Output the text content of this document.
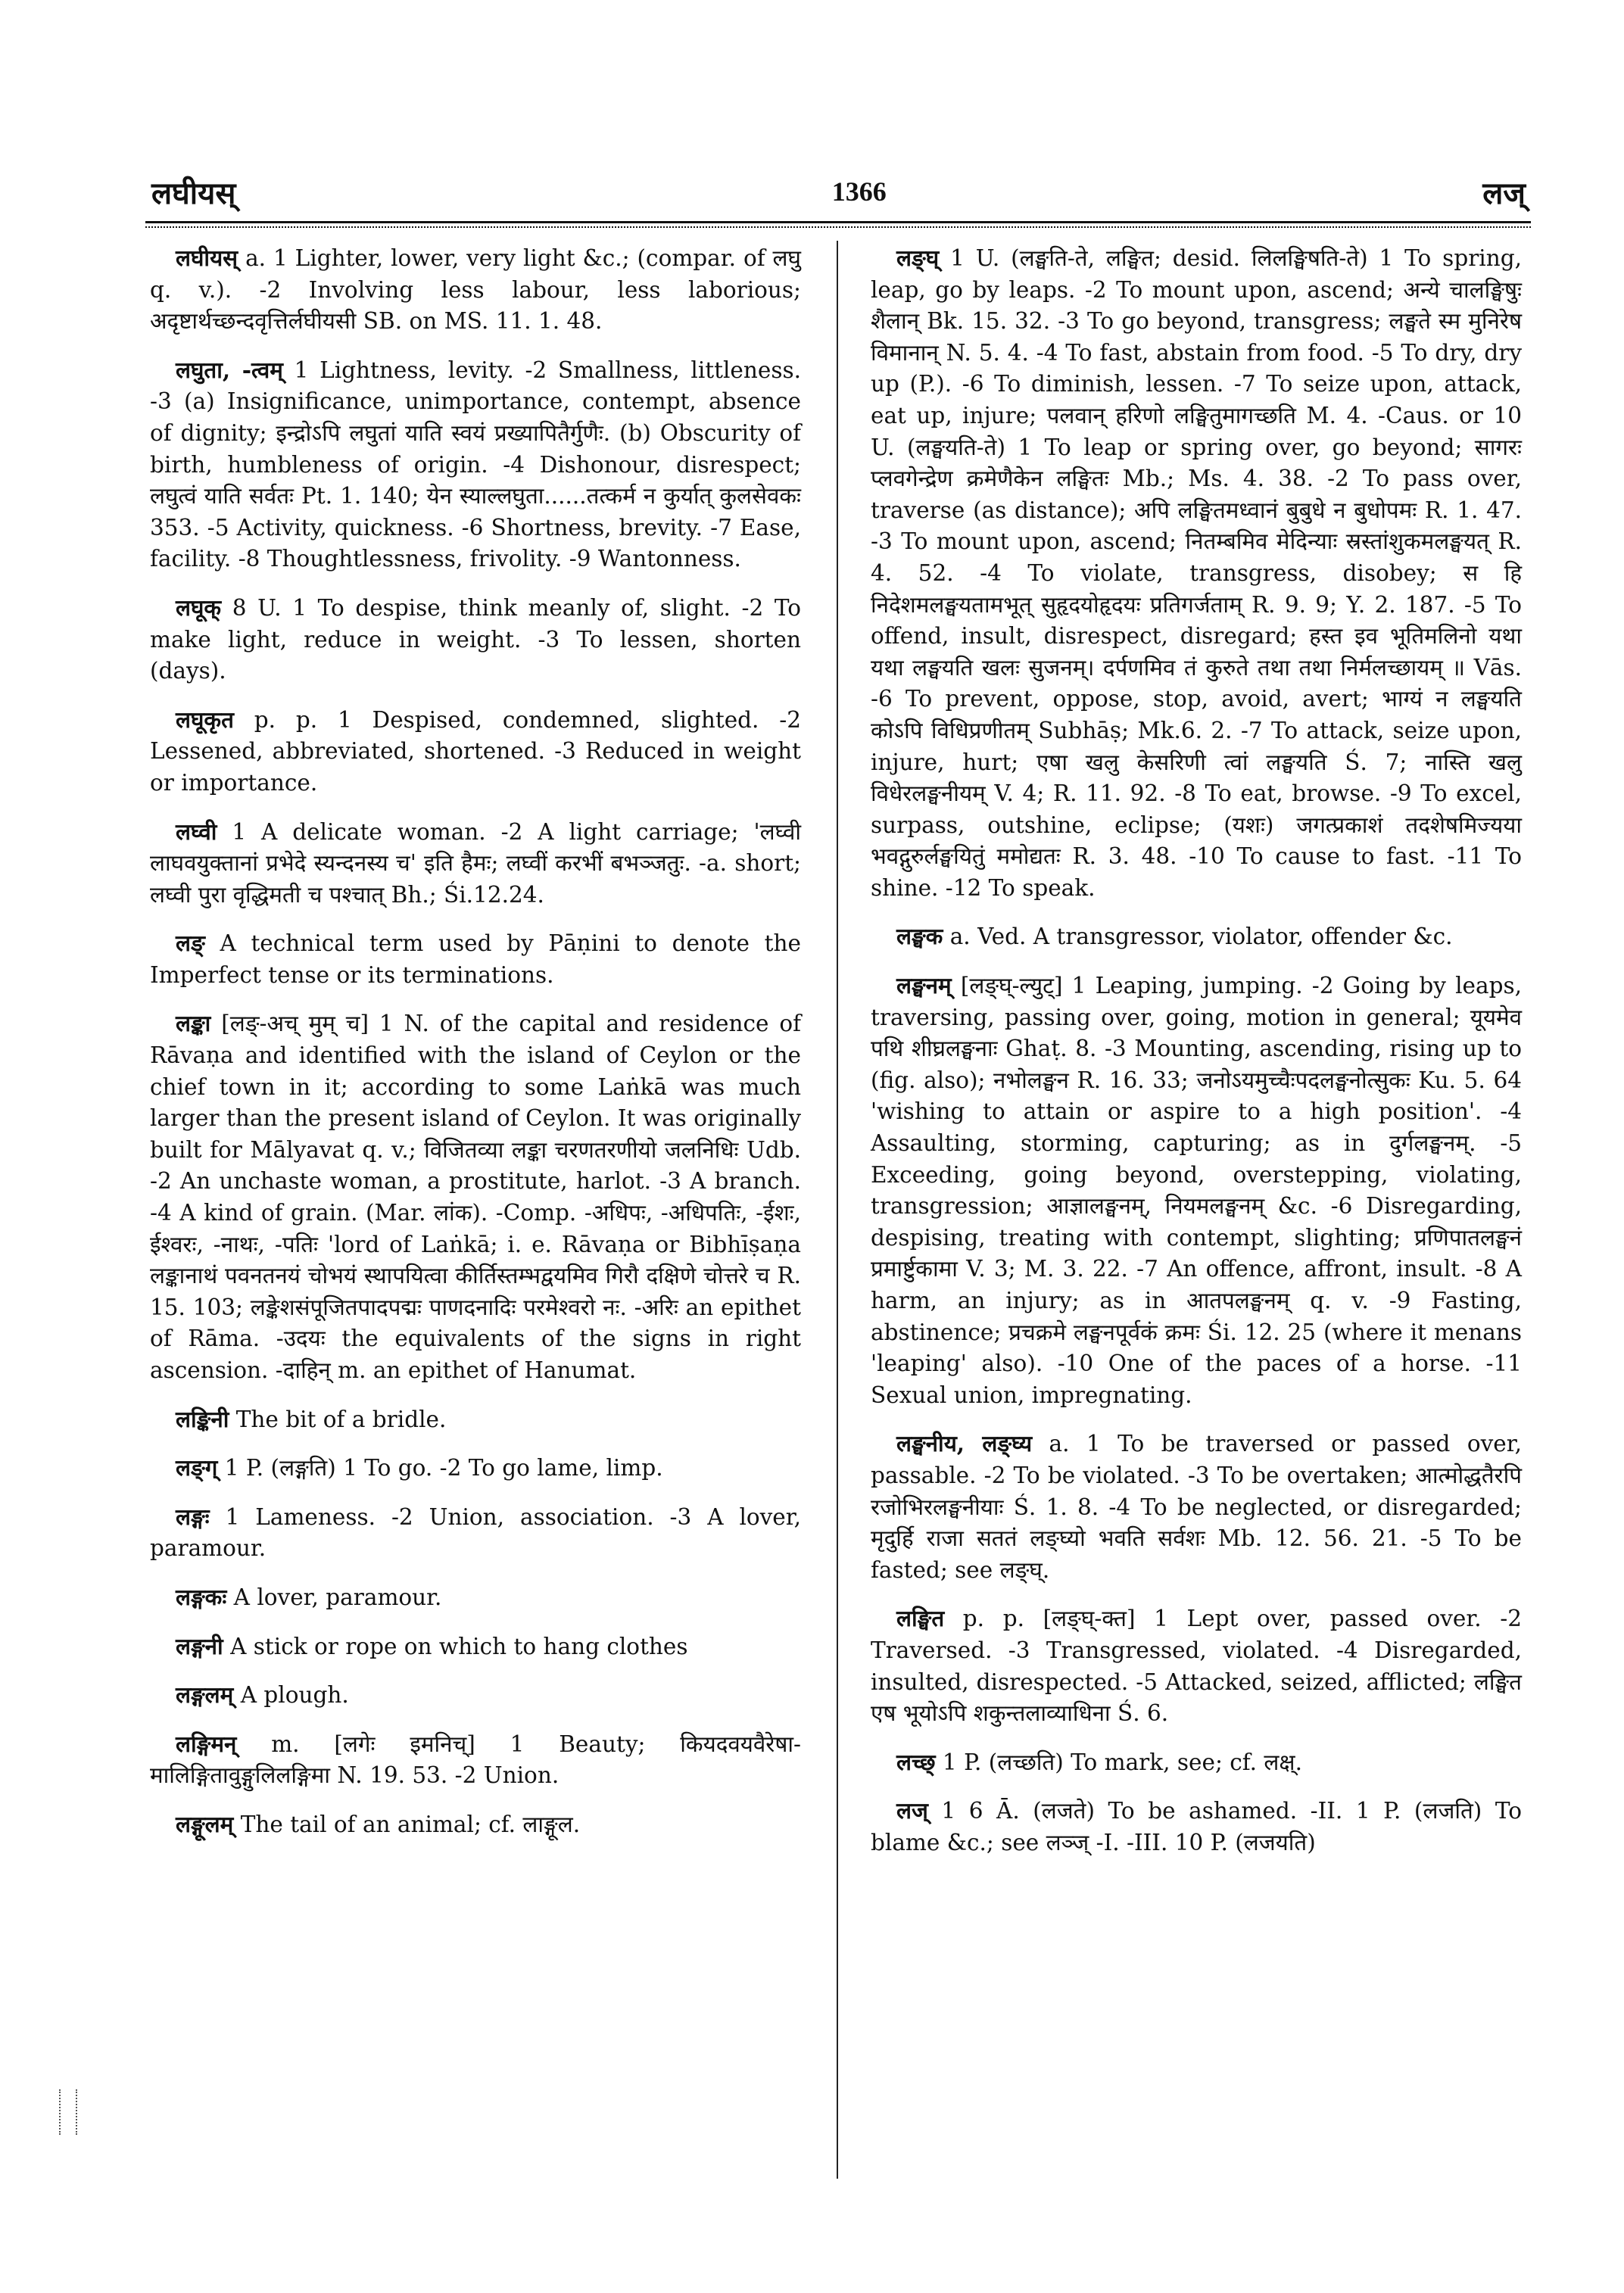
लघीयस्	1366	लज्

लघीयस् a. 1 Lighter, lower, very light &c.; (compar. of लघु q. v.). -2 Involving less labour, less laborious; अदृष्टार्थच्छन्दवृत्तिर्लघीयसी SB. on MS. 11. 1. 48.

लघुता, -त्वम् 1 Lightness, levity. -2 Smallness, littleness. -3 (a) Insignificance, unimportance, contempt, absence of dignity; इन्द्रोऽपि लघुतां याति स्वयं प्रख्यापितैर्गुणैः. (b) Obscurity of birth, humbleness of origin. -4 Dishonour, disrespect; लघुत्वं याति सर्वतः Pt. 1. 140; येन स्याल्लघुता......तत्कर्म न कुर्यात् कुलसेवकः 353. -5 Activity, quickness. -6 Shortness, brevity. -7 Ease, facility. -8 Thoughtlessness, frivolity. -9 Wantonness.

लघूक् 8 U. 1 To despise, think meanly of, slight. -2 To make light, reduce in weight. -3 To lessen, shorten (days).

लघूकृत p. p. 1 Despised, condemned, slighted. -2 Lessened, abbreviated, shortened. -3 Reduced in weight or importance.

लघ्वी 1 A delicate woman. -2 A light carriage; 'लघ्वी लाघवयुक्तानां प्रभेदे स्यन्दनस्य च' इति हैमः; लघ्वीं करभीं बभञ्जतुः. -a. short; लघ्वी पुरा वृद्धिमती च पश्चात् Bh.; Śi.12.24.

लङ् A technical term used by Pāṇini to denote the Imperfect tense or its terminations.

लङ्का [लङ्-अच् मुम् च] 1 N. of the capital and residence of Rāvaṇa and identified with the island of Ceylon or the chief town in it; according to some Laṅkā was much larger than the present island of Ceylon. It was originally built for Mālyavat q. v.; विजितव्या लङ्का चरणतरणीयो जलनिधिः Udb. -2 An unchaste woman, a prostitute, harlot. -3 A branch. -4 A kind of grain. (Mar. लांक). -Comp. -अधिपः, -अधिपतिः, -ईशः, ईश्वरः, -नाथः, -पतिः 'lord of Laṅkā; i. e. Rāvaṇa or Bibhīṣaṇa लङ्कानाथं पवनतनयं चोभयं स्थापयित्वा कीर्तिस्तम्भद्वयमिव गिरौ दक्षिणे चोत्तरे च R. 15. 103; लङ्केशसंपूजितपादपद्मः पाणदनादिः परमेश्वरो नः. -अरिः an epithet of Rāma. -उदयः the equivalents of the signs in right ascension. -दाहिन् m. an epithet of Hanumat.

लङ्किनी The bit of a bridle.

लङ्ग् 1 P. (लङ्गति) 1 To go. -2 To go lame, limp.

लङ्गः 1 Lameness. -2 Union, association. -3 A lover, paramour.

लङ्गकः A lover, paramour.

लङ्गनी A stick or rope on which to hang clothes

लङ्गलम् A plough.

लङ्गिमन् m. [लगेः इमनिच्] 1 Beauty; कियदवयवैरेषा-मालिङ्गितावुङ्गुलिलङ्गिमा N. 19. 53. -2 Union.

लङ्गूलम् The tail of an animal; cf. लाङ्गूल.

लङ्घ् 1 U. (लङ्घति-ते, लङ्घित; desid. लिलङ्घिषति-ते) 1 To spring, leap, go by leaps. -2 To mount upon, ascend; अन्ये चालङ्घिषुः शैलान् Bk. 15. 32. -3 To go beyond, transgress; लङ्घते स्म मुनिरेष विमानान् N. 5. 4. -4 To fast, abstain from food. -5 To dry, dry up (P.). -6 To diminish, lessen. -7 To seize upon, attack, eat up, injure; पलवान् हरिणो लङ्घितुमागच्छति M. 4. -Caus. or 10 U. (लङ्घयति-ते) 1 To leap or spring over, go beyond; सागरः प्लवगेन्द्रेण क्रमेणैकेन लङ्घितः Mb.; Ms. 4. 38. -2 To pass over, traverse (as distance); अपि लङ्घितमध्वानं बुबुधे न बुधोपमः R. 1. 47. -3 To mount upon, ascend; नितम्बमिव मेदिन्याः स्रस्तांशुकमलङ्घयत् R. 4. 52. -4 To violate, transgress, disobey; स हि निदेशमलङ्घयतामभूत् सुहृदयोहृदयः प्रतिगर्जताम् R. 9. 9; Y. 2. 187. -5 To offend, insult, disrespect, disregard; हस्त इव भूतिमलिनो यथा यथा लङ्घयति खलः सुजनम्। दर्पणमिव तं कुरुते तथा तथा निर्मलच्छायम् ॥ Vās. -6 To prevent, oppose, stop, avoid, avert; भाग्यं न लङ्घयति कोऽपि विधिप्रणीतम् Subhāṣ; Mk.6. 2. -7 To attack, seize upon, injure, hurt; एषा खलु केसरिणी त्वां लङ्घयति Ś. 7; नास्ति खलु विधेरलङ्घनीयम् V. 4; R. 11. 92. -8 To eat, browse. -9 To excel, surpass, outshine, eclipse; (यशः) जगत्प्रकाशं तदशेषमिज्यया भवद्गुरुर्लङ्घयितुं ममोद्यतः R. 3. 48. -10 To cause to fast. -11 To shine. -12 To speak.

लङ्घक a. Ved. A transgressor, violator, offender &c.

लङ्घनम् [लङ्घ्-ल्युट्] 1 Leaping, jumping. -2 Going by leaps, traversing, passing over, going, motion in general; यूयमेव पथि शीघ्रलङ्घनाः Ghaṭ. 8. -3 Mounting, ascending, rising up to (fig. also); नभोलङ्घन R. 16. 33; जनोऽयमुच्चैःपदलङ्घनोत्सुकः Ku. 5. 64 'wishing to attain or aspire to a high position'. -4 Assaulting, storming, capturing; as in दुर्गलङ्घनम्. -5 Exceeding, going beyond, overstepping, violating, transgression; आज्ञालङ्घनम्, नियमलङ्घनम् &c. -6 Disregarding, despising, treating with contempt, slighting; प्रणिपातलङ्घनं प्रमार्ष्टुकामा V. 3; M. 3. 22. -7 An offence, affront, insult. -8 A harm, an injury; as in आतपलङ्घनम् q. v. -9 Fasting, abstinence; प्रचक्रमे लङ्घनपूर्वकं क्रमः Śi. 12. 25 (where it menans 'leaping' also). -10 One of the paces of a horse. -11 Sexual union, impregnating.

लङ्घनीय, लङ्घ्य a. 1 To be traversed or passed over, passable. -2 To be violated. -3 To be overtaken; आत्मोद्धतैरपि रजोभिरलङ्घनीयाः Ś. 1. 8. -4 To be neglected, or disregarded; मृदुर्हि राजा सततं लङ्घ्यो भवति सर्वशः Mb. 12. 56. 21. -5 To be fasted; see लङ्घ्.

लङ्घित p. p. [लङ्घ्-क्त] 1 Lept over, passed over. -2 Traversed. -3 Transgressed, violated. -4 Disregarded, insulted, disrespected. -5 Attacked, seized, afflicted; लङ्घित एष भूयोऽपि शकुन्तलाव्याधिना Ś. 6.

लच्छ् 1 P. (लच्छति) To mark, see; cf. लक्ष्.

लज् 1 6 Ā. (लजते) To be ashamed. -II. 1 P. (लजति) To blame &c.; see लञ्ज् -I. -III. 10 P. (लजयति)
